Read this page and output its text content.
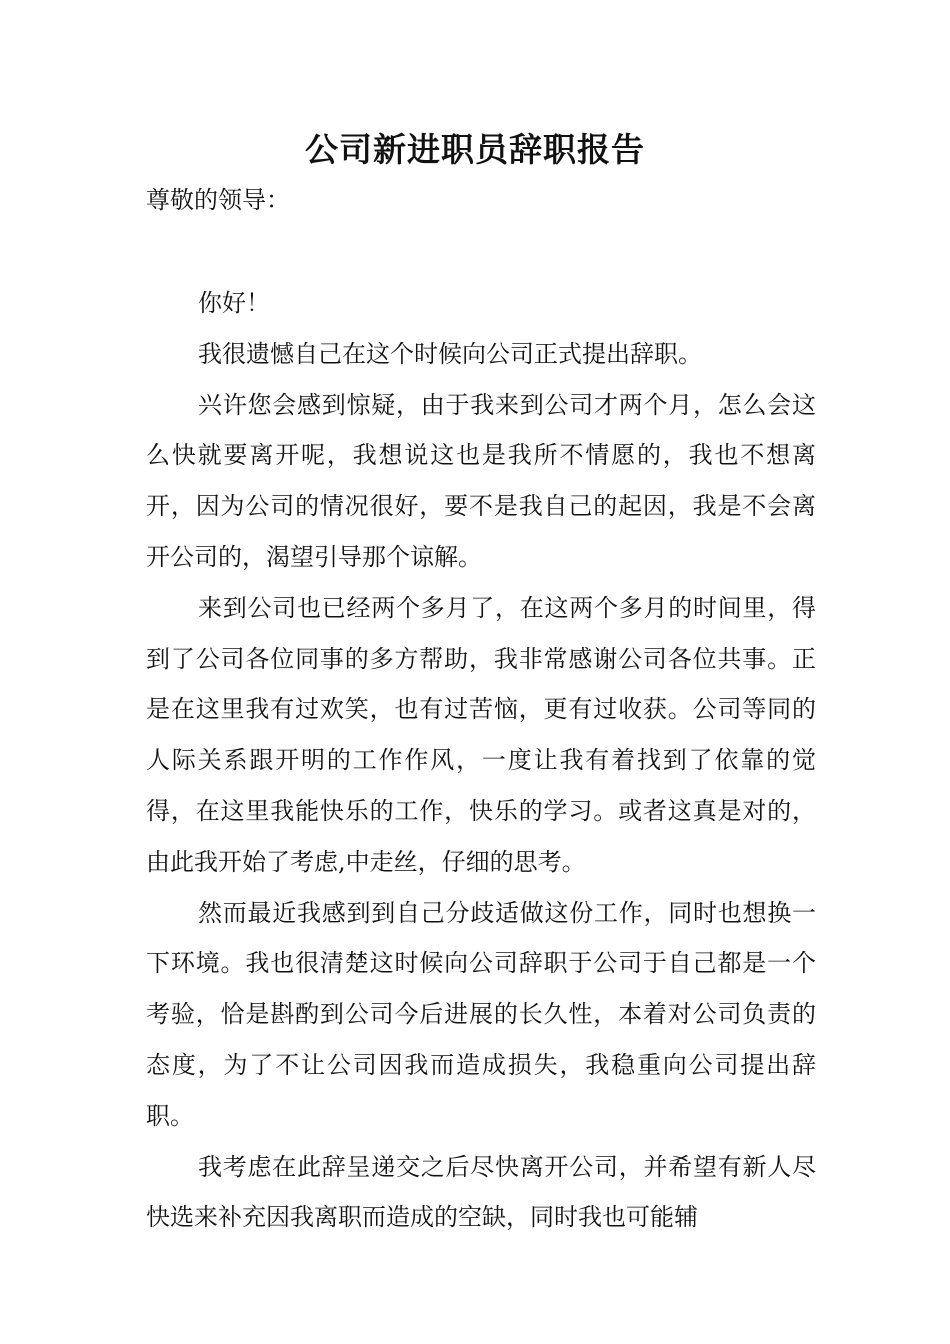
公司新进职员辞职报告

尊敬的领导：

你好！

我很遗憾自己在这个时候向公司正式提出辞职。

兴许您会感到惊疑，由于我来到公司才两个月，怎么会这么快就要离开呢，我想说这也是我所不情愿的，我也不想离开，因为公司的情况很好，要不是我自己的起因，我是不会离开公司的，渴望引导那个谅解。

来到公司也已经两个多月了，在这两个多月的时间里，得到了公司各位同事的多方帮助，我非常感谢公司各位共事。正是在这里我有过欢笑，也有过苦恼，更有过收获。公司等同的人际关系跟开明的工作作风，一度让我有着找到了依靠的觉得，在这里我能快乐的工作，快乐的学习。或者这真是对的，由此我开始了考虑,中走丝，仔细的思考。

然而最近我感到到自己分歧适做这份工作，同时也想换一下环境。我也很清楚这时候向公司辞职于公司于自己都是一个考验，恰是斟酌到公司今后进展的长久性，本着对公司负责的态度，为了不让公司因我而造成损失，我稳重向公司提出辞职。

我考虑在此辞呈递交之后尽快离开公司，并希望有新人尽快选来补充因我离职而造成的空缺，同时我也可能辅
